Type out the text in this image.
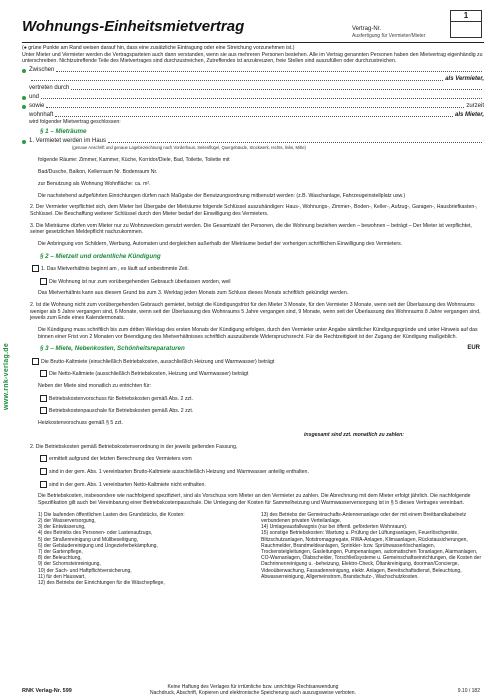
www.rnk-verlag.de
Wohnungs-Einheitsmietvertrag	Vertrag-Nr.
Ausfertigung für Vermieter/Mieter
1

(● grüne Punkte am Rand weisen darauf hin, dass eine zusätzliche Eintragung oder eine Streichung vorzunehmen ist.)

Unter Mieter und Vermieter werden die Vertragsparteien auch dann verstanden, wenn sie aus mehreren Personen bestehen. Alle im Vertrag genannten Personen haben den Mietvertrag eigenhändig zu unterschreiben. Nichtzutreffende Teile des Mietvertrages sind durchzustreichen, Zutreffendes ist anzukreuzen, freie Stellen sind auszufüllen oder durchzustreichen.

Zwischen
als Vermieter,
vertreten durch
und
sowie	zurzeit
wohnhaft	als Mieter,

wird folgender Mietvertrag geschlossen:

§ 1 – Mieträume
1. Vermietet werden im Haus

(genaue Anschrift und genaue Lagebezeichnung nach Vorderhaus, Seitenflügel, Quergebäude, Stockwerk, rechts, links, Mitte)

folgende Räume: Zimmer, Kammer, Küche, Korridor/Diele, Bad, Toilette, Toilette mit

Bad/Dusche, Balkon, Kellerraum Nr. Bodenraum Nr.

zur Benutzung als Wohnung Wohnfläche: ca. m².

Die nachstehend aufgeführten Einrichtungen dürfen nach Maßgabe der Benutzungsordnung mitbenutzt werden: (z.B. Waschanlage, Fahrzeugeinstellplatz usw.)

2. Der Vermieter verpflichtet sich, dem Mieter bei Übergabe der Mieträume folgende Schlüssel auszuhändigen: Haus-, Wohnungs-, Zimmer-, Boden-, Keller-, Aufzug-, Garagen-, Hausbriefkasten-, Schlüssel. Die Beschaffung weiterer Schlüssel durch den Mieter bedarf der Einwilligung des Vermieters.

3. Die Mieträume dürfen vom Mieter nur zu Wohnzwecken genutzt werden. Die Gesamtzahl der Personen, die die Wohnung beziehen werden – bewohnen – beträgt – Der Mieter ist verpflichtet, seiner gesetzlichen Meldepflicht nachzukommen.

Die Anbringung von Schildern, Werbung, Automaten und dergleichen außerhalb der Mieträume bedarf der vorherigen schriftlichen Einwilligung des Vermieters.

§ 2 – Mietzeit und ordentliche Kündigung

1. Das Mietverhältnis beginnt am , es läuft auf unbestimmte Zeit.

Die Wohnung ist nur zum vorübergehenden Gebrauch überlassen worden, weil

Das Mietverhältnis kann aus diesem Grund bis zum 3. Werktag jeden Monats zum Schluss dieses Monats schriftlich gekündigt werden.

2. Ist die Wohnung nicht zum vorübergehenden Gebrauch gemietet, beträgt die Kündigungsfrist für den Mieter 3 Monate, für den Vermieter 3 Monate, wenn seit der Überlassung des Wohnraums weniger als 5 Jahre vergangen sind, 6 Monate, wenn seit der Überlassung des Wohnraums 5 Jahre vergangen sind, 9 Monate, wenn seit der Überlassung des Wohnraums 8 Jahre vergangen sind, jeweils zum Ende eines Kalendermonats.

Die Kündigung muss schriftlich bis zum dritten Werktag des ersten Monats der Kündigung erfolgen, durch den Vermieter unter Angabe sämtlicher Kündigungsgründe und unter Hinweis auf das binnen einer Frist von 2 Monaten vor Beendigung des Mietverhältnisses schriftlich auszuübende Widerspruchsrecht. Für die Rechtzeitigkeit ist der Zugang der Kündigung maßgeblich.

§ 3 – Miete, Nebenkosten, Schönheitsreparaturen	EUR

Die Brutto-Kaltmiete (einschließlich Betriebskosten, ausschließlich Heizung und Warmwasser) beträgt

Die Netto-Kaltmiete (ausschließlich Betriebskosten, Heizung und Warmwasser) beträgt

Neben der Miete sind monatlich zu entrichten für:

Betriebskostenvorschuss für Betriebskosten gemäß Abs. 2 zzt.

Betriebskostenpauschale für Betriebskosten gemäß Abs. 2 zzt.

Heizkostenvorschuss gemäß § 5 zzt.

insgesamt sind zzt. monatlich zu zahlen:

2. Die Betriebskosten gemäß Betriebskostenverordnung in der jeweils geltenden Fassung,

ermittelt aufgrund der letzten Berechnung des Vermieters vom

sind in der gem. Abs. 1 vereinbarten Brutto-Kaltmiete ausschließlich Heizung und Warmwasser anteilig enthalten.

sind in der gem. Abs. 1 vereinbarten Netto-Kaltmiete nicht enthalten.

Die Betriebskosten, insbesondere wie nachfolgend spezifiziert, sind als Vorschuss vom Mieter an den Vermieter zu zahlen. Die Abrechnung mit dem Mieter erfolgt jährlich. Die nachfolgende Spezifikation gilt auch bei Vereinbarung einer Betriebskostenpauschale. Die Umlegung der Kosten für Sammelheizung und Warmwasserversorgung ist in § 5 dieses Vertrages vereinbart.

1) Die laufenden öffentlichen Lasten des Grundstücks, die Kosten:
2) der Wasserversorgung,
3) der Entwässerung,
4) des Betriebs des Personen- oder Lastenaufzugs,
5) der Straßenreinigung und Müllbeseitigung,
6) der Gebäudereinigung und Ungezieferbekämpfung,
7) der Gartenpflege,
8) der Beleuchtung,
9) der Schornsteinreinigung,
10) der Sach- und Haftpflichtversicherung,
11) für den Hauswart,
12) des Betriebs der Einrichtungen für die Wäschepflege,
13) des Betriebs der Gemeinschafts-Antennenanlage oder der mit einem Breitbandkabelnetz verbundenen privaten Verteilanlage,
14) Umlageausfallwagnis (nur bei öffentl. geförderten Wohnraum).
15) sonstige Betriebskosten: Wartung u. Prüfung der Lüftungsanlagen, Feuerlöschgeräte, Blitzschutzanlagen, Notstromaggregate, RWA-Anlagen, Klimaanlagen, Rückstausicherungen, Rauchmelder, Brandmeldeanlagen, Sprinkler- bzw. Sprühwasserlöschanlagen, Trockensteigleitungen, Gasleitungen, Pumpenanlagen, automatischen Toranlagen, Alarmanlagen, CO-Warnanlagen, Ölabscheider, Torschließsysteme u. Gemeinschaftseinrichtungen, die Kosten der Dachrinnenreinigung u. -beheizung, Elektro-Check, Öltankreinigung, doorman/Concierge, Videoüberwachung, Fassadenreinigung, elektr. Anlagen, Bereitschaftsdienst, Beleuchtung, Abwasserreinigung, Allgemeinstrom, Brandschutz-, Wachschutzkosten.
RNK Verlag-Nr. 599
Keine Haftung des Verlages für irrtümliche bzw. unrichtige Rechtsanwendung
Nachdruck, Abschrift, Kopieren und elektronische Speicherung auch auszugsweise verboten.	9.10 / 182
